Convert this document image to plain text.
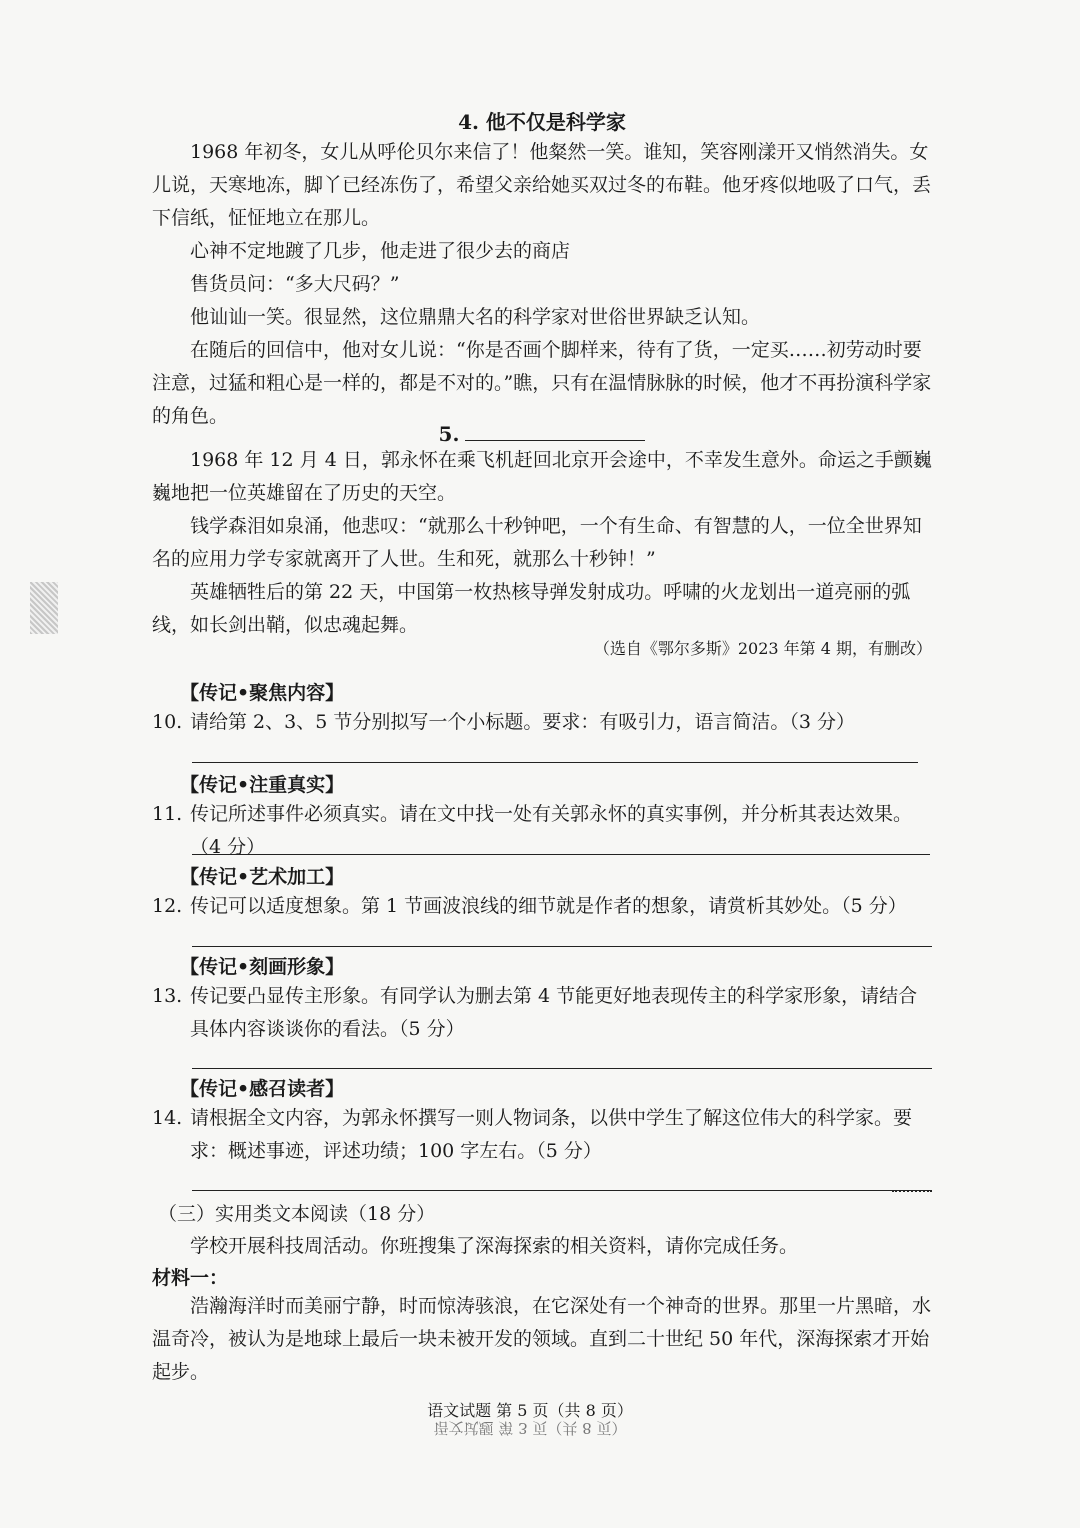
4. 他不仅是科学家

1968 年初冬，女儿从呼伦贝尔来信了！他粲然一笑。谁知，笑容刚漾开又悄然消失。女儿说，天寒地冻，脚丫已经冻伤了，希望父亲给她买双过冬的布鞋。他牙疼似地吸了口气，丢下信纸，怔怔地立在那儿。

心神不定地踱了几步，他走进了很少去的商店

售货员问：“多大尺码？”

他讪讪一笑。很显然，这位鼎鼎大名的科学家对世俗世界缺乏认知。

在随后的回信中，他对女儿说：“你是否画个脚样来，待有了货，一定买……初劳动时要注意，过猛和粗心是一样的，都是不对的。”瞧，只有在温情脉脉的时候，他才不再扮演科学家的角色。

5.

1968 年 12 月 4 日，郭永怀在乘飞机赶回北京开会途中，不幸发生意外。命运之手颤巍巍地把一位英雄留在了历史的天空。

钱学森泪如泉涌，他悲叹：“就那么十秒钟吧，一个有生命、有智慧的人，一位全世界知名的应用力学专家就离开了人世。生和死，就那么十秒钟！”

英雄牺牲后的第 22 天，中国第一枚热核导弹发射成功。呼啸的火龙划出一道亮丽的弧线，如长剑出鞘，似忠魂起舞。

（选自《鄂尔多斯》2023 年第 4 期，有删改）
【传记•聚焦内容】

10. 请给第 2、3、5 节分别拟写一个小标题。要求：有吸引力，语言简洁。（3 分）

【传记•注重真实】

11. 传记所述事件必须真实。请在文中找一处有关郭永怀的真实事例，并分析其表达效果。（4 分）

【传记•艺术加工】

12. 传记可以适度想象。第 1 节画波浪线的细节就是作者的想象，请赏析其妙处。（5 分）

【传记•刻画形象】

13. 传记要凸显传主形象。有同学认为删去第 4 节能更好地表现传主的科学家形象，请结合具体内容谈谈你的看法。（5 分）

【传记•感召读者】

14. 请根据全文内容，为郭永怀撰写一则人物词条，以供中学生了解这位伟大的科学家。要求：概述事迹，评述功绩；100 字左右。（5 分）

（三）实用类文本阅读（18 分）

学校开展科技周活动。你班搜集了深海探索的相关资料，请你完成任务。

材料一：

浩瀚海洋时而美丽宁静，时而惊涛骇浪，在它深处有一个神奇的世界。那里一片黑暗，水温奇冷，被认为是地球上最后一块未被开发的领域。直到二十世纪 50 年代，深海探索才开始起步。

语文试题 第 5 页（共 8 页）
语文试题 第 3 页（共 8 页）
